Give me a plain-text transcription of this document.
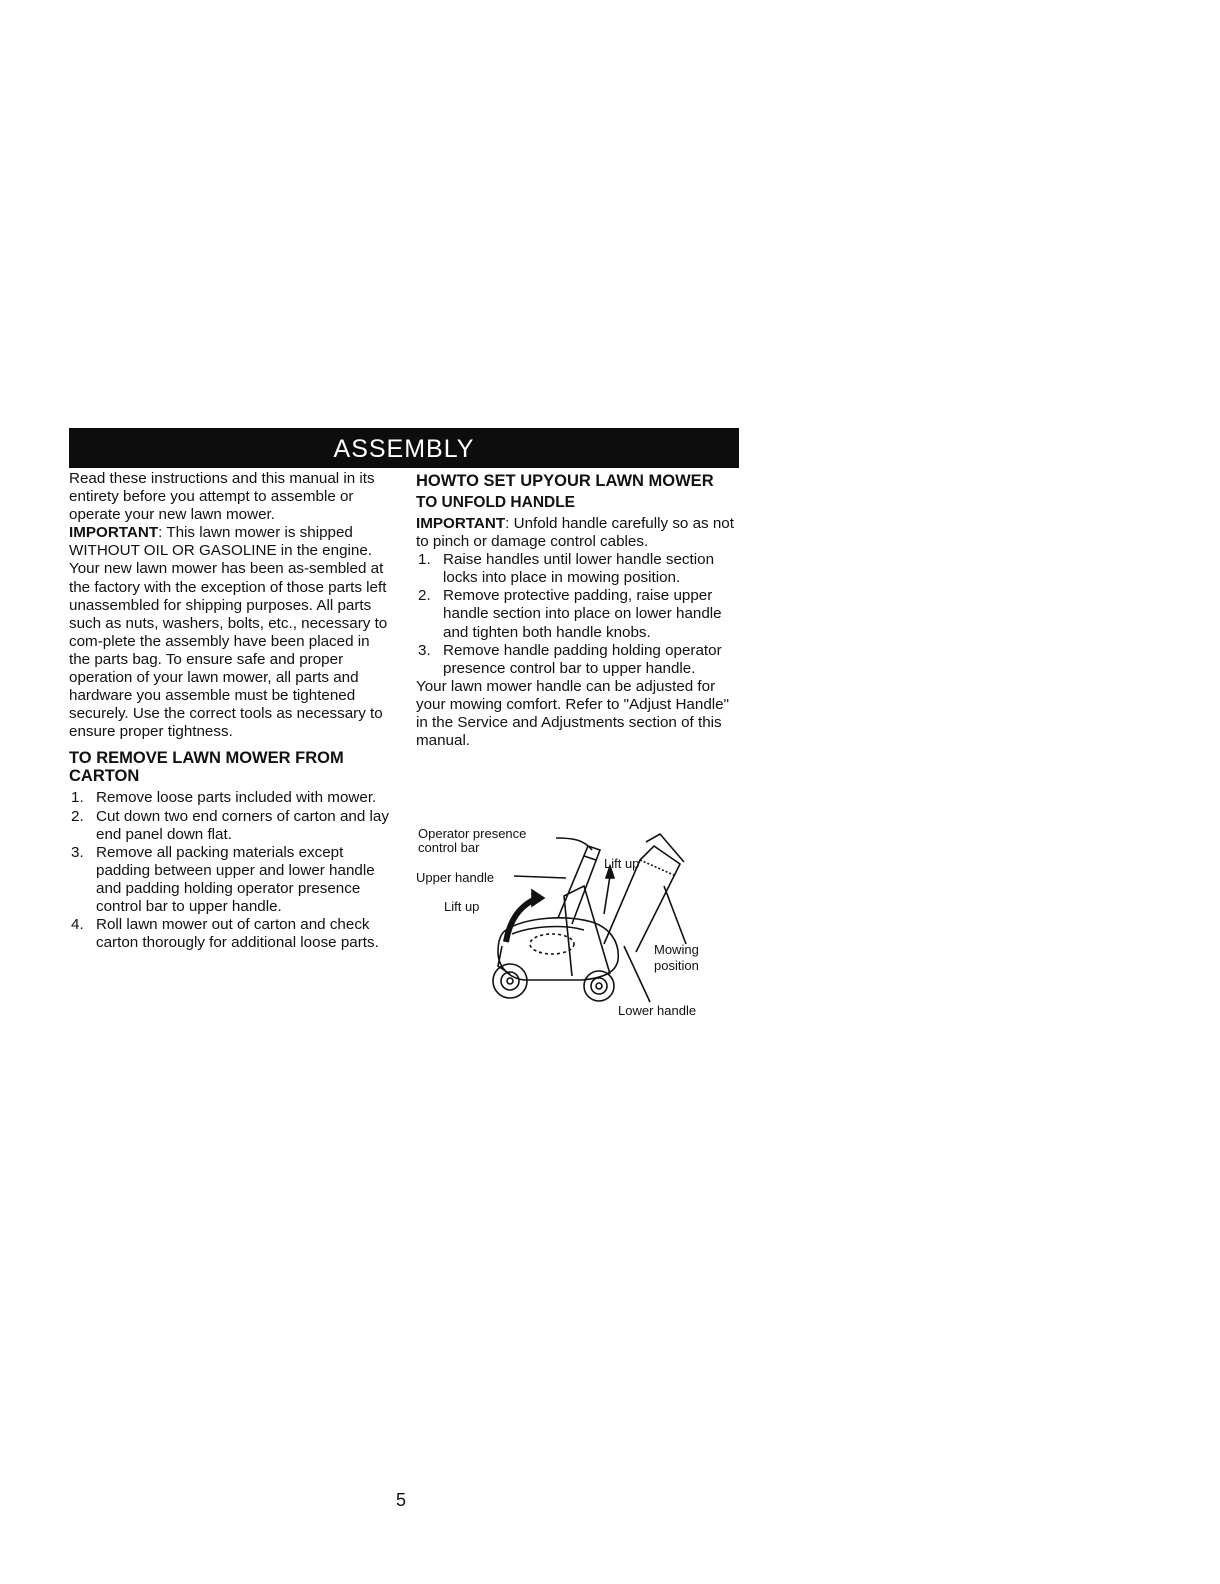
ASSEMBLY

Read these instructions and this manual in its entirety before you attempt to assemble or operate your new lawn mower.

IMPORTANT: This lawn mower is shipped WITHOUT OIL OR GASOLINE in the engine.

Your new lawn mower has been as-sembled at the factory with the exception of those parts left unassembled for shipping purposes. All parts such as nuts, washers, bolts, etc., necessary to com-plete the assembly have been placed in the parts bag. To ensure safe and proper operation of your lawn mower, all parts and hardware you assemble must be tightened securely. Use the correct tools as necessary to ensure proper tightness.

TO REMOVE LAWN MOWER FROM CARTON
1. Remove loose parts included with mower.
2. Cut down two end corners of carton and lay end panel down flat.
3. Remove all packing materials except padding between upper and lower handle and padding holding operator presence control bar to upper handle.
4. Roll lawn mower out of carton and check carton thorougly for additional loose parts.
HOWTO SET UPYOUR LAWN MOWER
TO UNFOLD HANDLE

IMPORTANT: Unfold handle carefully so as not to pinch or damage control cables.

1. Raise handles until lower handle section locks into place in mowing position.
2. Remove protective padding, raise upper handle section into place on lower handle and tighten both handle knobs.
3. Remove handle padding holding operator presence control bar to upper handle.

Your lawn mower handle can be adjusted for your mowing comfort. Refer to "Adjust Handle" in the Service and Adjustments section of this manual.

Operator presence
control bar
Upper handle
Lift up
Lift up
Mowing
position
Lower handle
5
